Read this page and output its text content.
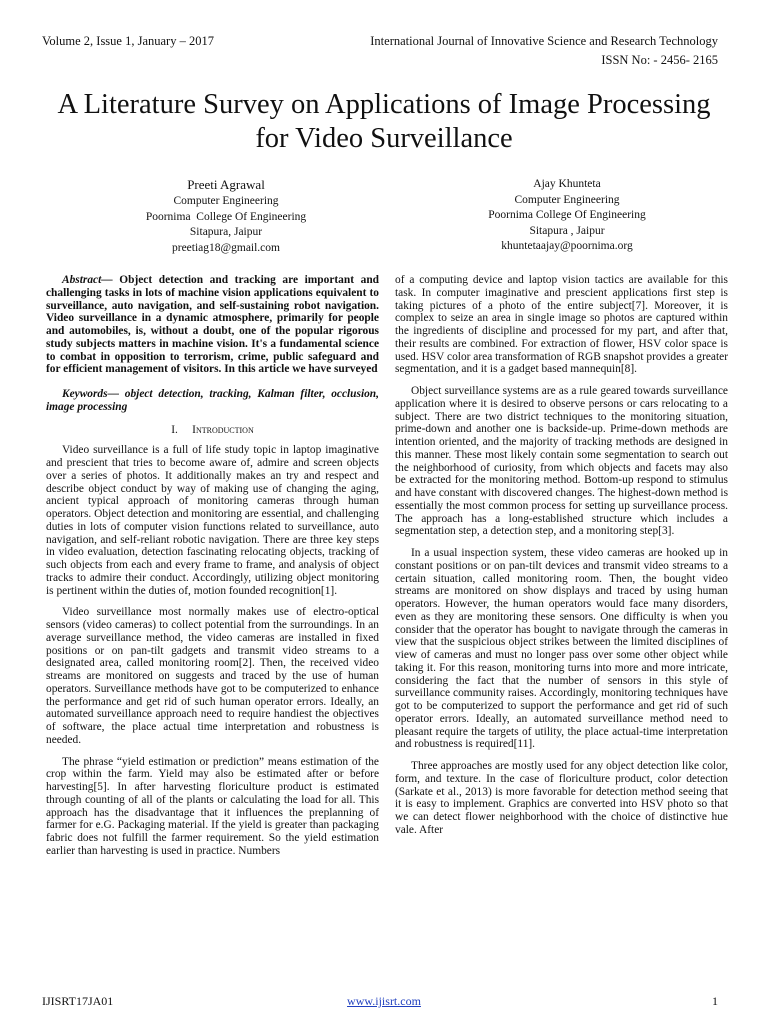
Volume 2, Issue 1, January – 2017	International Journal of Innovative Science and Research Technology
ISSN No: - 2456- 2165
A Literature Survey on Applications of Image Processing for Video Surveillance
Preeti Agrawal
Computer Engineering
Poornima  College Of Engineering
Sitapura, Jaipur
preetiag18@gmail.com
Ajay Khunteta
Computer Engineering
Poornima College Of Engineering
Sitapura , Jaipur
khuntetaajay@poornima.org

Abstract— Object detection and tracking are important and challenging tasks in lots of machine vision applications equivalent to surveillance, auto navigation, and self-sustaining robot navigation. Video surveillance in a dynamic atmosphere, primarily for people and automobiles, is, without a doubt, one of the popular rigorous study subjects matters in machine vision. It's a fundamental science to combat in opposition to terrorism, crime, public safeguard and for efficient management of visitors. In this article we have surveyed

Keywords— object detection, tracking, Kalman filter, occlusion, image processing

I. Introduction

Video surveillance is a full of life study topic in laptop imaginative and prescient that tries to become aware of, admire and screen objects over a series of photos. It additionally makes an try and respect and describe object conduct by way of making use of changing the aging, ancient typical approach of monitoring cameras through human operators. Object detection and monitoring are essential, and challenging duties in lots of computer vision functions related to surveillance, auto navigation, and self-reliant robotic navigation. There are three key steps in video evaluation, detection fascinating relocating objects, tracking of such objects from each and every frame to frame, and analysis of object tracks to admire their conduct. Accordingly, utilizing object monitoring is pertinent within the duties of, motion founded recognition[1].

Video surveillance most normally makes use of electro-optical sensors (video cameras) to collect potential from the surroundings. In an average surveillance method, the video cameras are installed in fixed positions or on pan-tilt gadgets and transmit video streams to a designated area, called monitoring room[2]. Then, the received video streams are monitored on suggests and traced by the use of human operators. Surveillance methods have got to be computerized to enhance the performance and get rid of such human operator errors. Ideally, an automated surveillance approach need to require handiest the objectives of software, the place actual time interpretation and robustness is needed.

The phrase “yield estimation or prediction” means estimation of the crop within the farm. Yield may also be estimated after or before harvesting[5]. In after harvesting floriculture product is estimated through counting of all of the plants or calculating the load for all. This approach has the disadvantage that it influences the preplanning of farmer for e.G. Packaging material. If the yield is greater than packaging fabric does not fulfill the farmer requirement. So the yield estimation earlier than harvesting is used in practice. Numbers

of a computing device and laptop vision tactics are available for this task. In computer imaginative and prescient applications first step is taking pictures of a photo of the entire subject[7]. Moreover, it is complex to seize an area in single image so photos are captured within the ingredients of discipline and processed for my part, and after that, their results are combined. For extraction of flower, HSV color space is used. HSV color area transformation of RGB snapshot provides a greater segmentation, and it is a gadget based mannequin[8].

Object surveillance systems are as a rule geared towards surveillance application where it is desired to observe persons or cars relocating to a subject. There are two district techniques to the monitoring situation, prime-down and another one is backside-up. Prime-down methods are intention oriented, and the majority of tracking methods are designed in this manner. These most likely contain some segmentation to search out the neighborhood of curiosity, from which objects and facets may also be extracted for the monitoring method. Bottom-up respond to stimulus and have constant with discovered changes. The highest-down method is essentially the most common process for setting up surveillance process. The approach has a long-established structure which includes a segmentation step, a detection step, and a monitoring step[3].

In a usual inspection system, these video cameras are hooked up in constant positions or on pan-tilt devices and transmit video streams to a certain situation, called monitoring room. Then, the bought video streams are monitored on show displays and traced by using human operators. However, the human operators would face many disorders, even as they are monitoring these sensors. One difficulty is when you consider that the operator has bought to navigate through the cameras in view that the suspicious object strikes between the limited disciplines of view of cameras and must no longer pass over some other object while taking it. For this reason, monitoring turns into more and more intricate, considering the fact that the number of sensors in this style of surveillance community raises. Accordingly, monitoring techniques have got to be computerized to support the performance and get rid of such operator errors. Ideally, an automated surveillance method need to pleasant require the targets of utility, the place actual-time interpretation and robustness is required[11].

Three approaches are mostly used for any object detection like color, form, and texture. In the case of floriculture product, color detection (Sarkate et al., 2013) is more favorable for detection method seeing that it is easy to implement. Graphics are converted into HSV photo so that we can detect flower neighborhood with the choice of distinctive hue vale. After

IJISRT17JA01	www.ijisrt.com	1
